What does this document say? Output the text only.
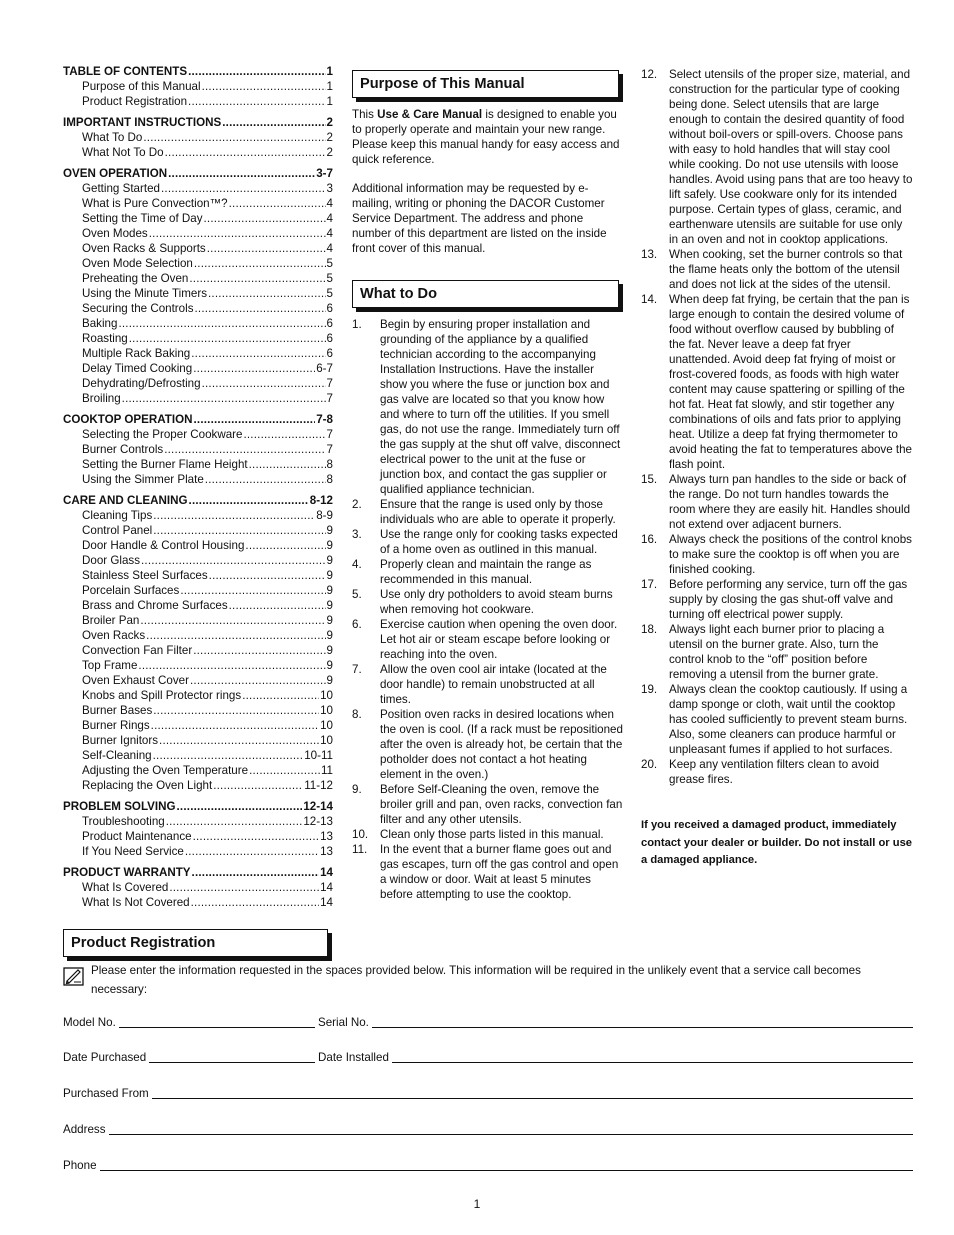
TABLE OF CONTENTS .....	1
Purpose of this Manual .....	1
Product Registration .....	1
IMPORTANT INSTRUCTIONS .....	2
What To Do .....	2
What Not To Do .....	2
OVEN OPERATION .....	3-7
Getting Started .....	3
What is Pure Convection™? .....	4
Setting the Time of Day .....	4
Oven Modes .....	4
Oven Racks & Supports .....	4
Oven Mode Selection .....	5
Preheating the Oven .....	5
Using the Minute Timers .....	5
Securing the Controls .....	6
Baking .....	6
Roasting .....	6
Multiple Rack Baking .....	6
Delay Timed Cooking .....	6-7
Dehydrating/Defrosting .....	7
Broiling .....	7
COOKTOP OPERATION .....	7-8
Selecting the Proper Cookware .....	7
Burner Controls .....	7
Setting the Burner Flame Height .....	8
Using the Simmer Plate .....	8
CARE AND CLEANING .....	8-12
Cleaning Tips .....	8-9
Control Panel .....	9
Door Handle & Control Housing .....	9
Door Glass .....	9
Stainless Steel Surfaces .....	9
Porcelain Surfaces .....	9
Brass and Chrome Surfaces .....	9
Broiler Pan .....	9
Oven Racks .....	9
Convection Fan Filter .....	9
Top Frame .....	9
Oven Exhaust Cover .....	9
Knobs and Spill Protector rings .....	10
Burner Bases .....	10
Burner Rings .....	10
Burner Ignitors .....	10
Self-Cleaning .....	10-11
Adjusting the Oven Temperature .....	11
Replacing the Oven Light .....	11-12
PROBLEM SOLVING .....	12-14
Troubleshooting .....	12-13
Product Maintenance .....	13
If You Need Service .....	13
PRODUCT WARRANTY .....	14
What Is Covered .....	14
What Is Not Covered .....	14
Product Registration
Purpose of This Manual

This Use & Care Manual is designed to enable you to properly operate and maintain your new range. Please keep this manual handy for easy access and quick reference.

Additional information may be requested by e-mailing, writing or phoning the DACOR Customer Service Department. The address and phone number of this department are listed on the inside front cover of this manual.

What to Do
1. Begin by ensuring proper installation and grounding of the appliance by a qualified technician according to the accompanying Installation Instructions. Have the installer show you where the fuse or junction box and gas valve are located so that you know how and where to turn off the utilities. If you smell gas, do not use the range. Immediately turn off the gas supply at the shut off valve, disconnect electrical power to the unit at the fuse or junction box, and contact the gas supplier or qualified appliance technician.
2. Ensure that the range is used only by those individuals who are able to operate it properly.
3. Use the range only for cooking tasks expected of a home oven as outlined in this manual.
4. Properly clean and maintain the range as recommended in this manual.
5. Use only dry potholders to avoid steam burns when removing hot cookware.
6. Exercise caution when opening the oven door. Let hot air or steam escape before looking or reaching into the oven.
7. Allow the oven cool air intake (located at the door handle) to remain unobstructed at all times.
8. Position oven racks in desired locations when the oven is cool. (If a rack must be repositioned after the oven is already hot, be certain that the potholder does not contact a hot heating element in the oven.)
9. Before Self-Cleaning the oven, remove the broiler grill and pan, oven racks, convection fan filter and any other utensils.
10. Clean only those parts listed in this manual.
11. In the event that a burner flame goes out and gas escapes, turn off the gas control and open a window or door. Wait at least 5 minutes before attempting to use the cooktop.
12. Select utensils of the proper size, material, and construction for the particular type of cooking being done. Select utensils that are large enough to contain the desired quantity of food without boil-overs or spill-overs. Choose pans with easy to hold handles that will stay cool while cooking. Do not use utensils with loose handles. Avoid using pans that are too heavy to lift safely. Use cookware only for its intended purpose. Certain types of glass, ceramic, and earthenware utensils are suitable for use only in an oven and not in cooktop applications.
13. When cooking, set the burner controls so that the flame heats only the bottom of the utensil and does not lick at the sides of the utensil.
14. When deep fat frying, be certain that the pan is large enough to contain the desired volume of food without overflow caused by bubbling of the fat. Never leave a deep fat fryer unattended. Avoid deep fat frying of moist or frost-covered foods, as foods with high water content may cause spattering or spilling of the hot fat. Heat fat slowly, and stir together any combinations of oils and fats prior to applying heat. Utilize a deep fat frying thermometer to avoid heating the fat to temperatures above the flash point.
15. Always turn pan handles to the side or back of the range. Do not turn handles towards the room where they are easily hit. Handles should not extend over adjacent burners.
16. Always check the positions of the control knobs to make sure the cooktop is off when you are finished cooking.
17. Before performing any service, turn off the gas supply by closing the gas shut-off valve and turning off electrical power supply.
18. Always light each burner prior to placing a utensil on the burner grate. Also, turn the control knob to the “off” position before removing a utensil from the burner grate.
19. Always clean the cooktop cautiously. If using a damp sponge or cloth, wait until the cooktop has cooled sufficiently to prevent steam burns. Also, some cleaners can produce harmful or unpleasant fumes if applied to hot surfaces.
20. Keep any ventilation filters clean to avoid grease fires.

If you received a damaged product, immediately contact your dealer or builder. Do not install or use a damaged appliance.

Please enter the information requested in the spaces provided below. This information will be required in the unlikely event that a service call becomes necessary:
Model No.	Serial No.
Date Purchased	Date Installed
Purchased From
Address
Phone
1
